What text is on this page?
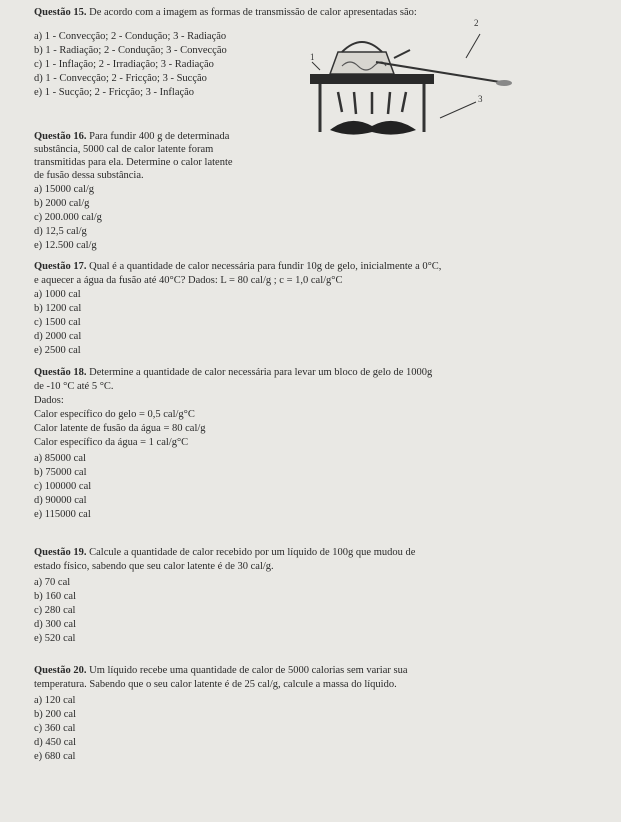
Questão 15. De acordo com a imagem as formas de transmissão de calor apresentadas são:
a) 1 - Convecção; 2 - Condução; 3 - Radiação
b) 1 - Radiação; 2 - Condução; 3 - Convecção
c) 1 - Inflação; 2 - Irradiação; 3 - Radiação
d) 1 - Convecção; 2 - Fricção; 3 - Sucção
e) 1 - Sucção; 2 - Fricção; 3 - Inflação
2
1
3
Questão 16. Para fundir 400 g de determinada
substância, 5000 cal de calor latente foram
transmitidas para ela. Determine o calor latente
de fusão dessa substância.
a) 15000 cal/g
b) 2000 cal/g
c) 200.000 cal/g
d) 12,5 cal/g
e) 12.500 cal/g
Questão 17. Qual é a quantidade de calor necessária para fundir 10g de gelo, inicialmente a 0°C,
e aquecer a água da fusão até 40°C? Dados: L = 80 cal/g ; c = 1,0 cal/g°C
a) 1000 cal
b) 1200 cal
c) 1500 cal
d) 2000 cal
e) 2500 cal
Questão 18. Determine a quantidade de calor necessária para levar um bloco de gelo de 1000g
de -10 °C até 5 °C.
Dados:
Calor específico do gelo = 0,5 cal/g°C
Calor latente de fusão da água = 80 cal/g
Calor específico da água = 1 cal/g°C
a) 85000 cal
b) 75000 cal
c) 100000 cal
d) 90000 cal
e) 115000 cal
Questão 19. Calcule a quantidade de calor recebido por um líquido de 100g que mudou de
estado físico, sabendo que seu calor latente é de 30 cal/g.
a) 70 cal
b) 160 cal
c) 280 cal
d) 300 cal
e) 520 cal
Questão 20. Um líquido recebe uma quantidade de calor de 5000 calorias sem variar sua
temperatura. Sabendo que o seu calor latente é de 25 cal/g, calcule a massa do líquido.
a) 120 cal
b) 200 cal
c) 360 cal
d) 450 cal
e) 680 cal
